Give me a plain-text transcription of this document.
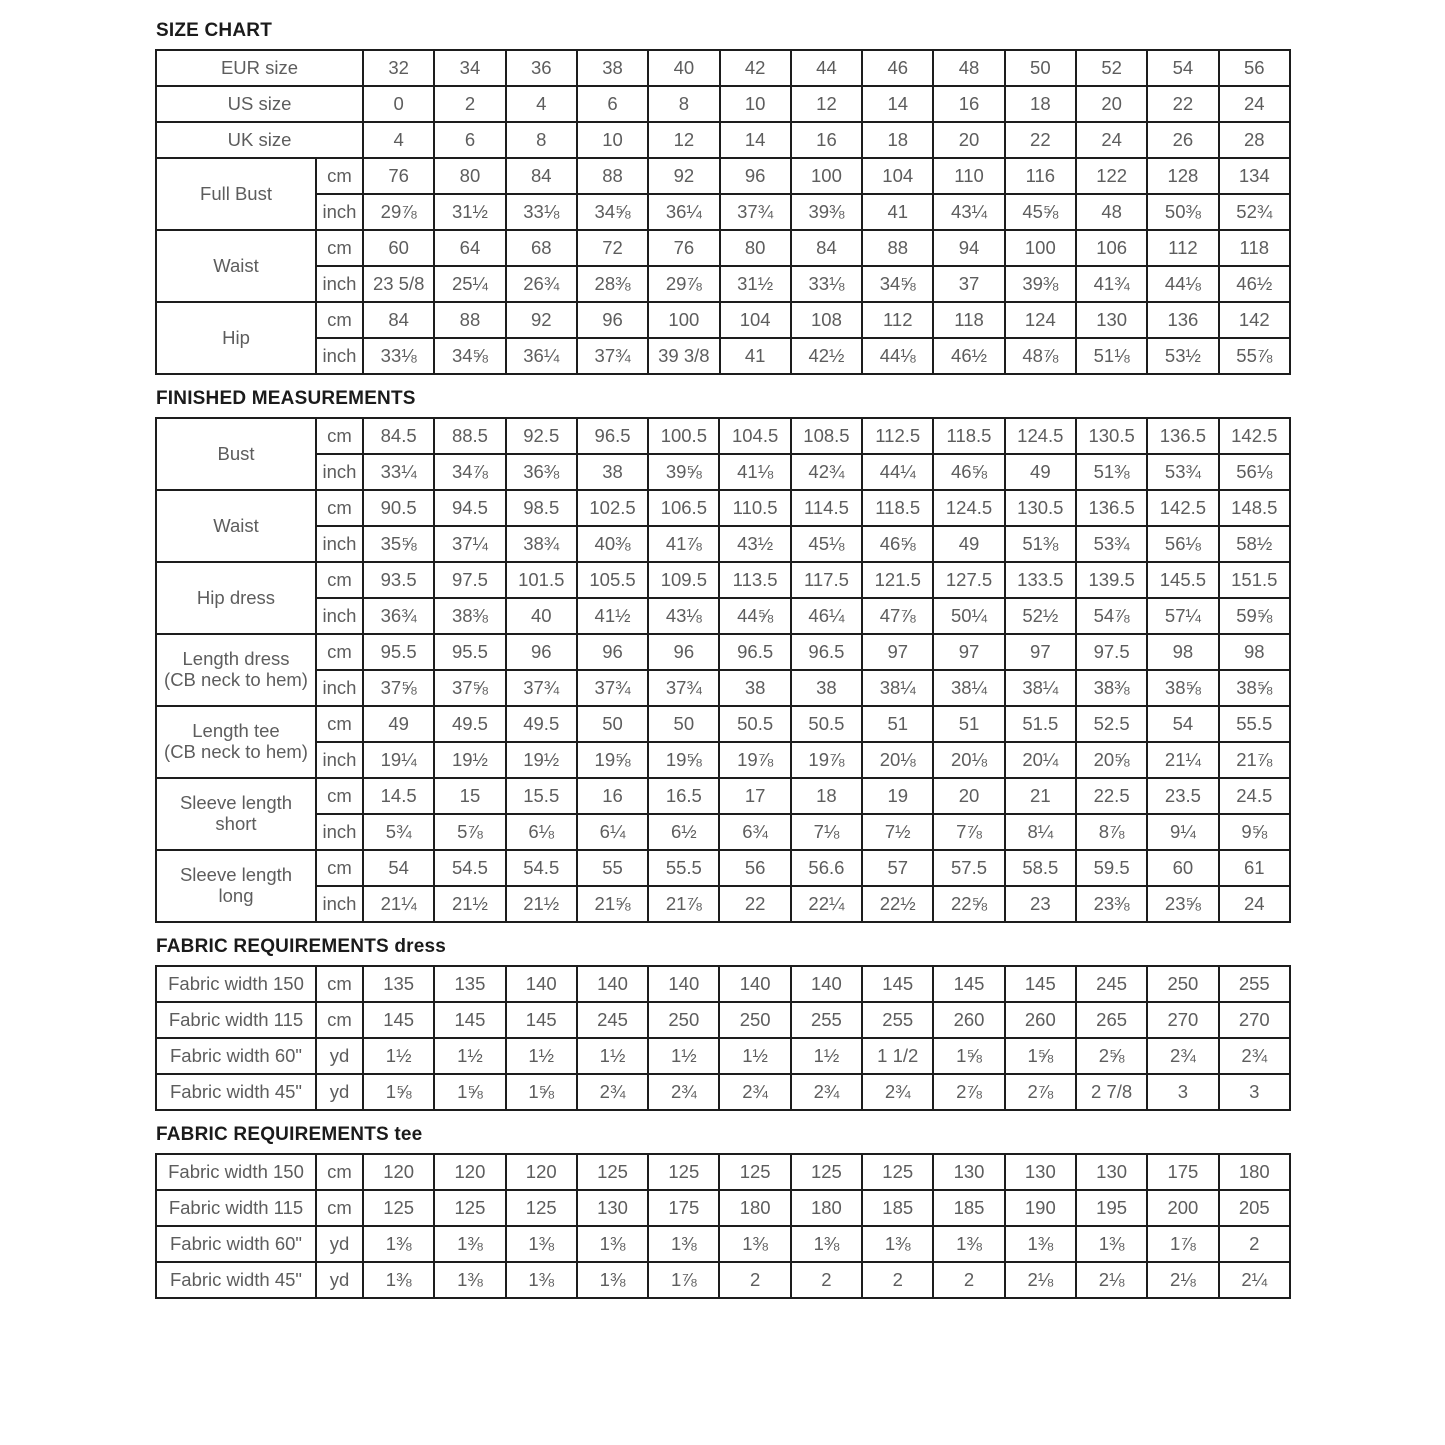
SIZE CHART
EUR size		32	34	36	38	40	42	44	46	48	50	52	54	56
US size		0	2	4	6	8	10	12	14	16	18	20	22	24
UK size		4	6	8	10	12	14	16	18	20	22	24	26	28
Full Bust	cm	76	80	84	88	92	96	100	104	110	116	122	128	134
	inch	29⅞	31½	33⅛	34⅝	36¼	37¾	39⅜	41	43¼	45⅝	48	50⅜	52¾
Waist	cm	60	64	68	72	76	80	84	88	94	100	106	112	118
	inch	23 5/8	25¼	26¾	28⅜	29⅞	31½	33⅛	34⅝	37	39⅜	41¾	44⅛	46½
Hip	cm	84	88	92	96	100	104	108	112	118	124	130	136	142
	inch	33⅛	34⅝	36¼	37¾	39 3/8	41	42½	44⅛	46½	48⅞	51⅛	53½	55⅞
FINISHED MEASUREMENTS
Bust	cm	84.5	88.5	92.5	96.5	100.5	104.5	108.5	112.5	118.5	124.5	130.5	136.5	142.5
	inch	33¼	34⅞	36⅜	38	39⅝	41⅛	42¾	44¼	46⅝	49	51⅜	53¾	56⅛
Waist	cm	90.5	94.5	98.5	102.5	106.5	110.5	114.5	118.5	124.5	130.5	136.5	142.5	148.5
	inch	35⅝	37¼	38¾	40⅜	41⅞	43½	45⅛	46⅝	49	51⅜	53¾	56⅛	58½
Hip dress	cm	93.5	97.5	101.5	105.5	109.5	113.5	117.5	121.5	127.5	133.5	139.5	145.5	151.5
	inch	36¾	38⅜	40	41½	43⅛	44⅝	46¼	47⅞	50¼	52½	54⅞	57¼	59⅝
Length dress
(CB neck to hem)	cm	95.5	95.5	96	96	96	96.5	96.5	97	97	97	97.5	98	98
	inch	37⅝	37⅝	37¾	37¾	37¾	38	38	38¼	38¼	38¼	38⅜	38⅝	38⅝
Length tee
(CB neck to hem)	cm	49	49.5	49.5	50	50	50.5	50.5	51	51	51.5	52.5	54	55.5
	inch	19¼	19½	19½	19⅝	19⅝	19⅞	19⅞	20⅛	20⅛	20¼	20⅝	21¼	21⅞
Sleeve length
short	cm	14.5	15	15.5	16	16.5	17	18	19	20	21	22.5	23.5	24.5
	inch	5¾	5⅞	6⅛	6¼	6½	6¾	7⅛	7½	7⅞	8¼	8⅞	9¼	9⅝
Sleeve length
long	cm	54	54.5	54.5	55	55.5	56	56.6	57	57.5	58.5	59.5	60	61
	inch	21¼	21½	21½	21⅝	21⅞	22	22¼	22½	22⅝	23	23⅜	23⅝	24
FABRIC REQUIREMENTS dress
Fabric width 150	cm	135	135	140	140	140	140	140	145	145	145	245	250	255
Fabric width 115	cm	145	145	145	245	250	250	255	255	260	260	265	270	270
Fabric width 60"	yd	1½	1½	1½	1½	1½	1½	1½	1 1/2	1⅝	1⅝	2⅝	2¾	2¾
Fabric width 45"	yd	1⅝	1⅝	1⅝	2¾	2¾	2¾	2¾	2¾	2⅞	2⅞	2 7/8	3	3
FABRIC REQUIREMENTS tee
Fabric width 150	cm	120	120	120	125	125	125	125	125	130	130	130	175	180
Fabric width 115	cm	125	125	125	130	175	180	180	185	185	190	195	200	205
Fabric width 60"	yd	1⅜	1⅜	1⅜	1⅜	1⅜	1⅜	1⅜	1⅜	1⅜	1⅜	1⅜	1⅞	2
Fabric width 45"	yd	1⅜	1⅜	1⅜	1⅜	1⅞	2	2	2	2	2⅛	2⅛	2⅛	2¼
